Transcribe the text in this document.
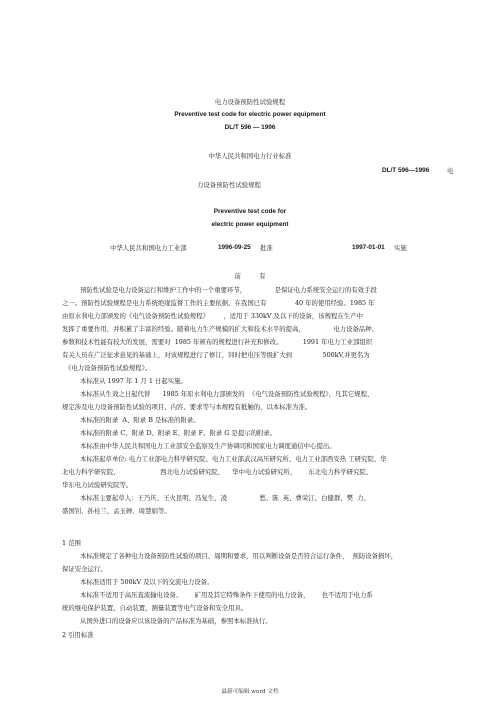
电力设备预防性试验规程
Preventive test code for electric power equipment
DL/T 596 — 1996
中华人民共和国电力行业标准
DL/T 596—1996	电
力设备预防性试验规程
Preventive test code for
electric power equipment
中华人民共和国电力工业部	1996-09-25 批准	1997-01-01 实施
前         有
预防性试验是电力设备运行和维护工作中的一个重要环节，              是保证电力系统安全运行的有效手段
之一。预防性试验规程是电力系统绝缘监督工作的主要依据，在我国已有              40 年的使用经验。1985 年
由原水利电力部颁发的《电气设备预防性试验规程》       ，适用于 330kV 及以下的设备，该规程在生产中
发挥了重要作用，并积累了丰富的经验。随着电力生产规模的扩大和技术水平的提高，              电力设备品种、
参数和技术性能有较大的发展，需要对  1985 年颁布的规程进行补充和修改。          1991 年电力工业部组织
有关人员在广泛征求意见的基础上，对该规程进行了修订，同时把电压等级扩大到               500kV,并更名为
《电力设备预防性试验规程》。
本标准从 1997 年 1 月 1 日起实施。
本标准从生效之日起代替      1985 年原水利电力部颁发的  《电气设备预防性试验规程》，凡其它规程、
规定涉及电力设备预防性试验的项目、内容、要求等与本规程有抵触的，以本标准为准。
本标准的附录  A、附录 B 是标准的附录。
本标准的附录 C、附录 D、附录 E、附录 F、附录 G 是提示的附录。
本标准由中华人民共和国电力工业部安全监察及生产协调司和国家电力调度通信中心提出。
本标准起草单位: 电力工业部电力科学研究院、电力工业部武汉高压研究所、电力工业部西安热 工研究院、华
北电力科学研究院、                    西北电力试验研究院、    华中电力试验研究所、      东北电力科学研究院、
华东电力试验研究院等。
本标准主要起草人：王乃庆、王火昆明、冯复生、凌                愁、陈  英、曹荣江、白健群、樊  力、
盛国钊、孙桂兰、孟玉婵、周慧娟等。
1 范围
本标准规定了各种电力设备预防性试验的项目、周期和要求，用以判断设备是否符合运行条件，  预防设备损坏，
保证安全运行。
本标准适用于 500kV 及以下的交流电力设备。
本标准不适用于高压直流输电设备、      矿用及其它特殊条件下使用的电力设备，      也不适用于电力系
统的继电保护装置、自动装置、测量装置等电气设备和安全用具。
从国外进口的设备应以该设备的产品标准为基础，参照本标准执行。
2 引用标准
最新可编辑 word 文档
